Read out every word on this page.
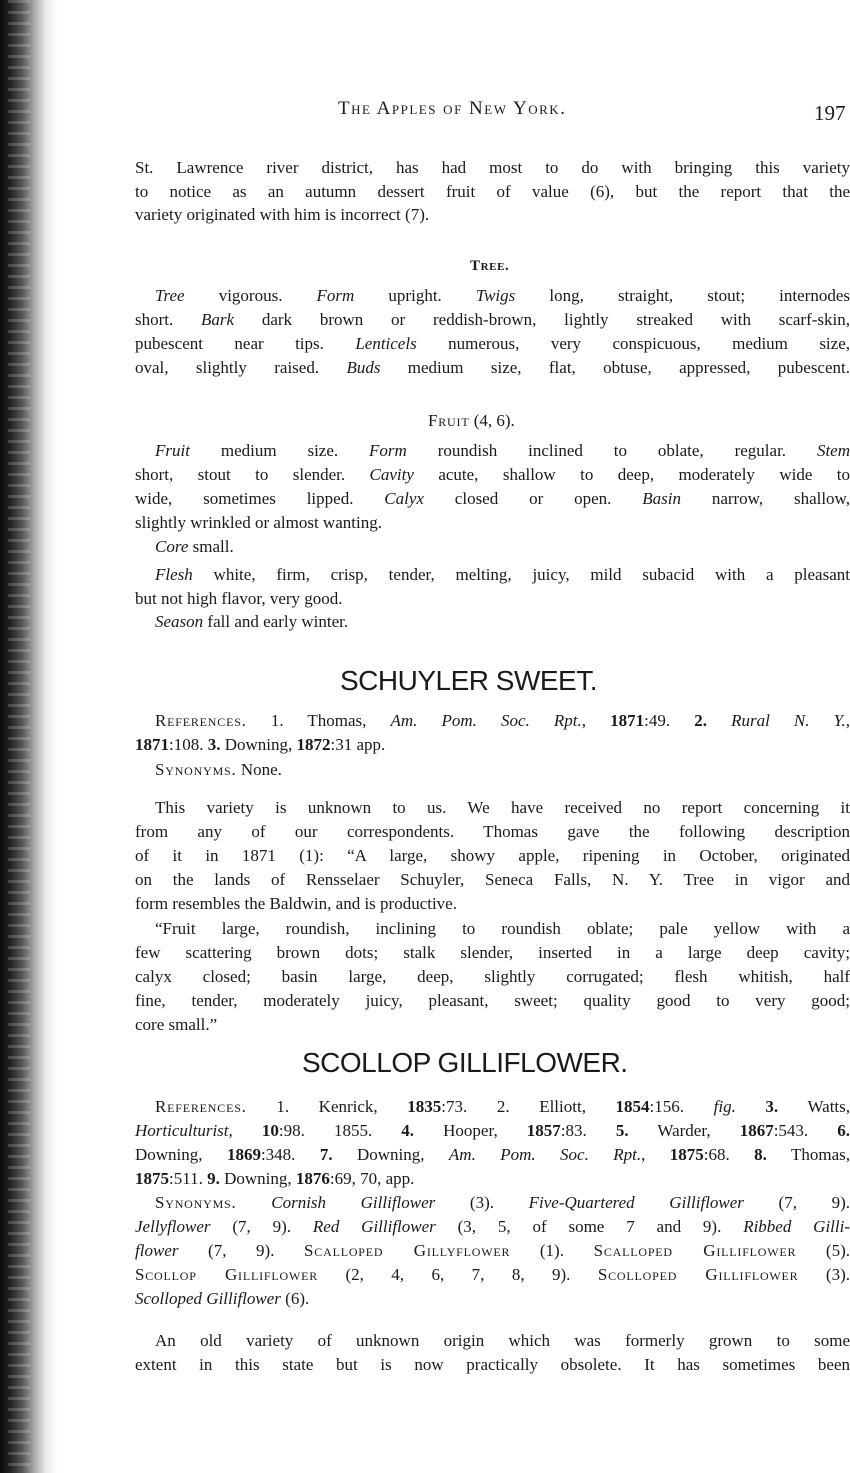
The Apples of New York.	197
St. Lawrence river district, has had most to do with bringing this variety
to notice as an autumn dessert fruit of value (6), but the report that the
variety originated with him is incorrect (7).
Tree.
Tree vigorous. Form upright. Twigs long, straight, stout; internodes
short. Bark dark brown or reddish-brown, lightly streaked with scarf-skin,
pubescent near tips. Lenticels numerous, very conspicuous, medium size,
oval, slightly raised. Buds medium size, flat, obtuse, appressed, pubescent.
Fruit (4, 6).
Fruit medium size. Form roundish inclined to oblate, regular. Stem
short, stout to slender. Cavity acute, shallow to deep, moderately wide to
wide, sometimes lipped. Calyx closed or open. Basin narrow, shallow,
slightly wrinkled or almost wanting.
Core small.
Flesh white, firm, crisp, tender, melting, juicy, mild subacid with a pleasant
but not high flavor, very good.
Season fall and early winter.
SCHUYLER SWEET.
References. 1. Thomas, Am. Pom. Soc. Rpt., 1871:49. 2. Rural N. Y.,
1871:108. 3. Downing, 1872:31 app.
Synonyms. None.
This variety is unknown to us. We have received no report concerning it
from any of our correspondents. Thomas gave the following description
of it in 1871 (1): “A large, showy apple, ripening in October, originated
on the lands of Rensselaer Schuyler, Seneca Falls, N. Y. Tree in vigor and
form resembles the Baldwin, and is productive.
“Fruit large, roundish, inclining to roundish oblate; pale yellow with a
few scattering brown dots; stalk slender, inserted in a large deep cavity;
calyx closed; basin large, deep, slightly corrugated; flesh whitish, half
fine, tender, moderately juicy, pleasant, sweet; quality good to very good;
core small.”
SCOLLOP GILLIFLOWER.
References. 1. Kenrick, 1835:73. 2. Elliott, 1854:156. fig. 3. Watts,
Horticulturist, 10:98. 1855. 4. Hooper, 1857:83. 5. Warder, 1867:543. 6.
Downing, 1869:348. 7. Downing, Am. Pom. Soc. Rpt., 1875:68. 8. Thomas,
1875:511. 9. Downing, 1876:69, 70, app.
Synonyms. Cornish Gilliflower (3). Five-Quartered Gilliflower (7, 9).
Jellyflower (7, 9). Red Gilliflower (3, 5, of some 7 and 9). Ribbed Gilli-
flower (7, 9). Scalloped Gillyflower (1). Scalloped Gilliflower (5).
Scollop Gilliflower (2, 4, 6, 7, 8, 9). Scolloped Gilliflower (3).
Scolloped Gilliflower (6).
An old variety of unknown origin which was formerly grown to some
extent in this state but is now practically obsolete. It has sometimes been
